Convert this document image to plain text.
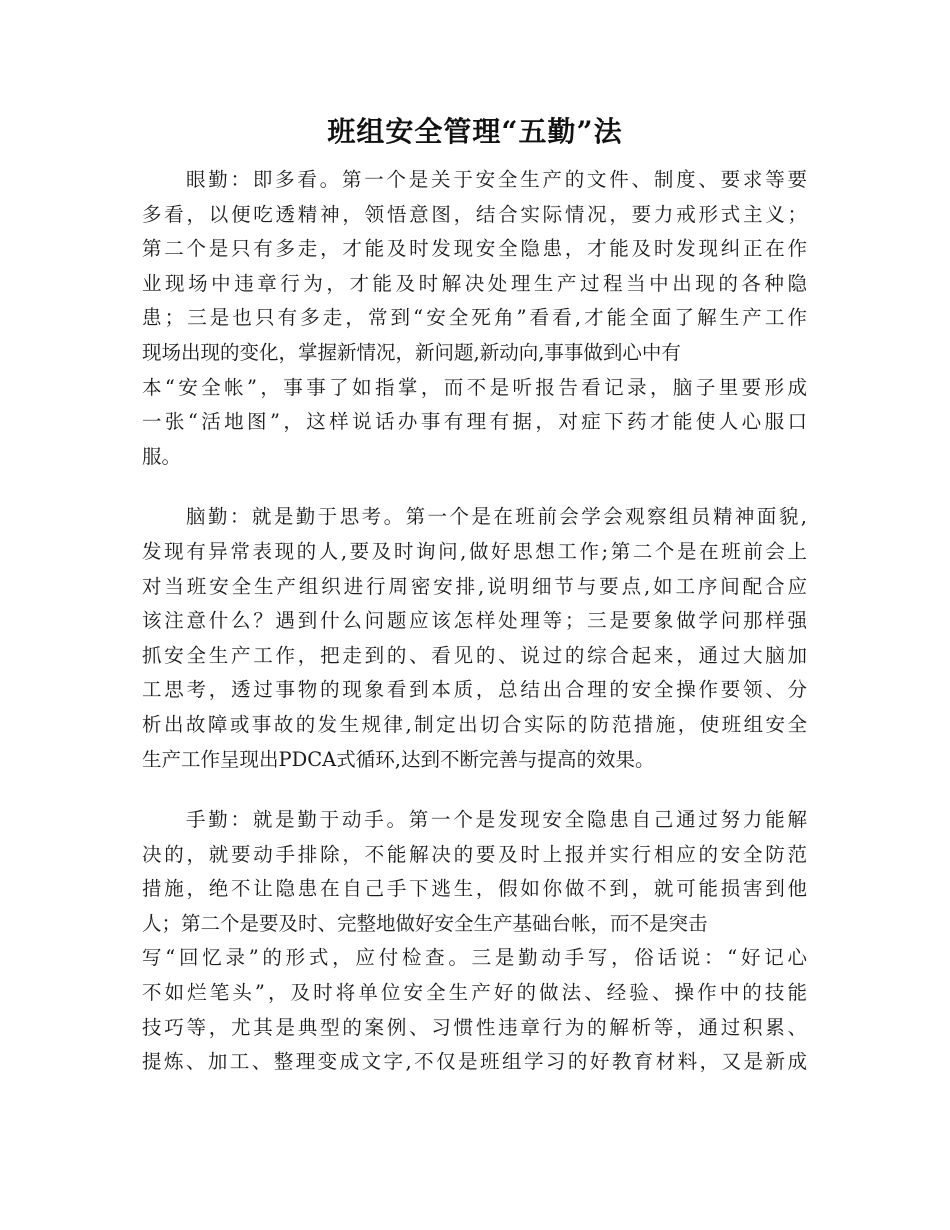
班组安全管理“五勤”法
眼勤：即多看。第一个是关于安全生产的文件、制度、要求等要
多看，以便吃透精神，领悟意图，结合实际情况，要力戒形式主义；
第二个是只有多走，才能及时发现安全隐患，才能及时发现纠正在作
业现场中违章行为，才能及时解决处理生产过程当中出现的各种隐
患；三是也只有多走，常到“安全死角”看看,才能全面了解生产工作
现场出现的变化，掌握新情况，新问题,新动向,事事做到心中有
本“安全帐”，事事了如指掌，而不是听报告看记录，脑子里要形成
一张“活地图”，这样说话办事有理有据，对症下药才能使人心服口
服。
脑勤：就是勤于思考。第一个是在班前会学会观察组员精神面貌,
发现有异常表现的人,要及时询问,做好思想工作;第二个是在班前会上
对当班安全生产组织进行周密安排,说明细节与要点,如工序间配合应
该注意什么？遇到什么问题应该怎样处理等；三是要象做学问那样强
抓安全生产工作，把走到的、看见的、说过的综合起来，通过大脑加
工思考，透过事物的现象看到本质，总结出合理的安全操作要领、分
析出故障或事故的发生规律,制定出切合实际的防范措施，使班组安全
生产工作呈现出PDCA式循环,达到不断完善与提高的效果。
手勤：就是勤于动手。第一个是发现安全隐患自己通过努力能解
决的，就要动手排除，不能解决的要及时上报并实行相应的安全防范
措施，绝不让隐患在自己手下逃生，假如你做不到，就可能损害到他
人；第二个是要及时、完整地做好安全生产基础台帐，而不是突击
写“回忆录”的形式，应付检查。三是勤动手写，俗话说：“好记心
不如烂笔头”，及时将单位安全生产好的做法、经验、操作中的技能
技巧等，尤其是典型的案例、习惯性违章行为的解析等，通过积累、
提炼、加工、整理变成文字,不仅是班组学习的好教育材料，又是新成
